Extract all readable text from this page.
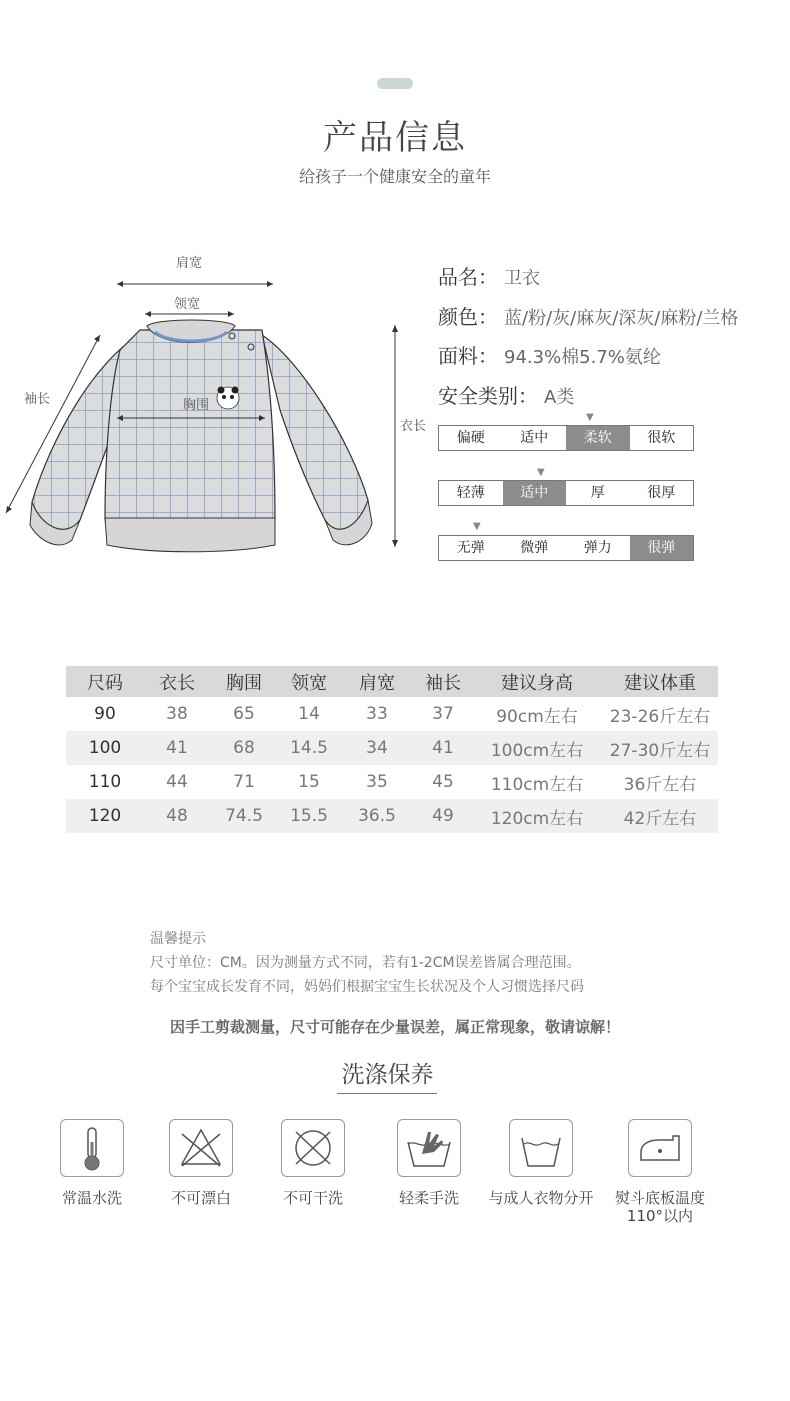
产品信息
给孩子一个健康安全的童年
肩宽
领宽
袖长	胸围
衣长
品名： 卫衣
颜色： 蓝/粉/灰/麻灰/深灰/麻粉/兰格
面料： 94.3%棉5.7%氨纶
安全类别： A类
▼
偏硬	适中	柔软	很软
▼
轻薄	适中	厚	很厚
▼
无弹	微弹	弹力	很弹
尺码	衣长	胸围	领宽	肩宽	袖长	建议身高	建议体重
90	38	65	14	33	37	90cm左右	23-26斤左右
100	41	68	14.5	34	41	100cm左右	27-30斤左右
110	44	71	15	35	45	110cm左右	36斤左右
120	48	74.5	15.5	36.5	49	120cm左右	42斤左右
温馨提示
尺寸单位：CM。因为测量方式不同，若有1-2CM误差皆属合理范围。
每个宝宝成长发育不同，妈妈们根据宝宝生长状况及个人习惯选择尺码
因手工剪裁测量，尺寸可能存在少量误差，属正常现象，敬请谅解！
洗涤保养
常温水洗	不可漂白	不可干洗	轻柔手洗	与成人衣物分开	熨斗底板温度
110°以内
